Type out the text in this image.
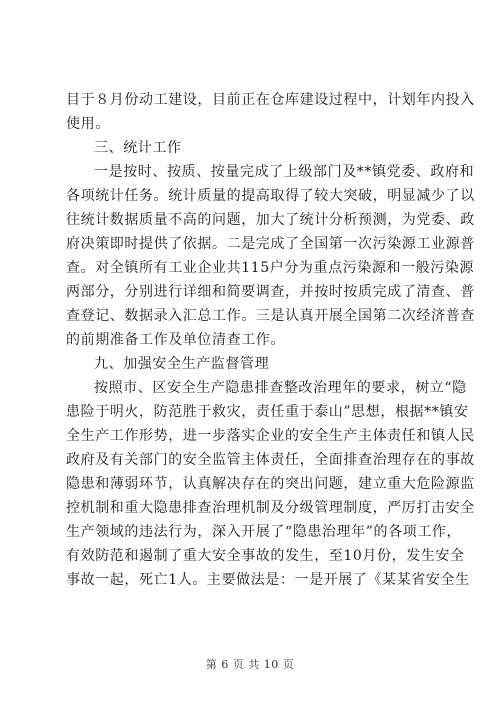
目于８月份动工建设，目前正在仓库建设过程中，计划年内投入
使用。
三、统计工作
一是按时、按质、按量完成了上级部门及**镇党委、政府和
各项统计任务。统计质量的提高取得了较大突破，明显减少了以
往统计数据质量不高的问题，加大了统计分析预测，为党委、政
府决策即时提供了依据。二是完成了全国第一次污染源工业源普
查。对全镇所有工业企业共115户分为重点污染源和一般污染源
两部分，分别进行详细和简要调查，并按时按质完成了清查、普
查登记、数据录入汇总工作。三是认真开展全国第二次经济普查
的前期准备工作及单位清查工作。
九、加强安全生产监督管理
按照市、区安全生产隐患排查整改治理年的要求，树立“隐
患险于明火，防范胜于救灾，责任重于泰山”思想，根据**镇安
全生产工作形势，进一步落实企业的安全生产主体责任和镇人民
政府及有关部门的安全监管主体责任，全面排查治理存在的事故
隐患和薄弱环节，认真解决存在的突出问题，建立重大危险源监
控机制和重大隐患排查治理机制及分级管理制度，严厉打击安全
生产领域的违法行为，深入开展了“隐患治理年”的各项工作，
有效防范和遏制了重大安全事故的发生，至10月份，发生安全
事故一起，死亡1人。主要做法是：一是开展了《某某省安全生
第 6 页 共 10 页
